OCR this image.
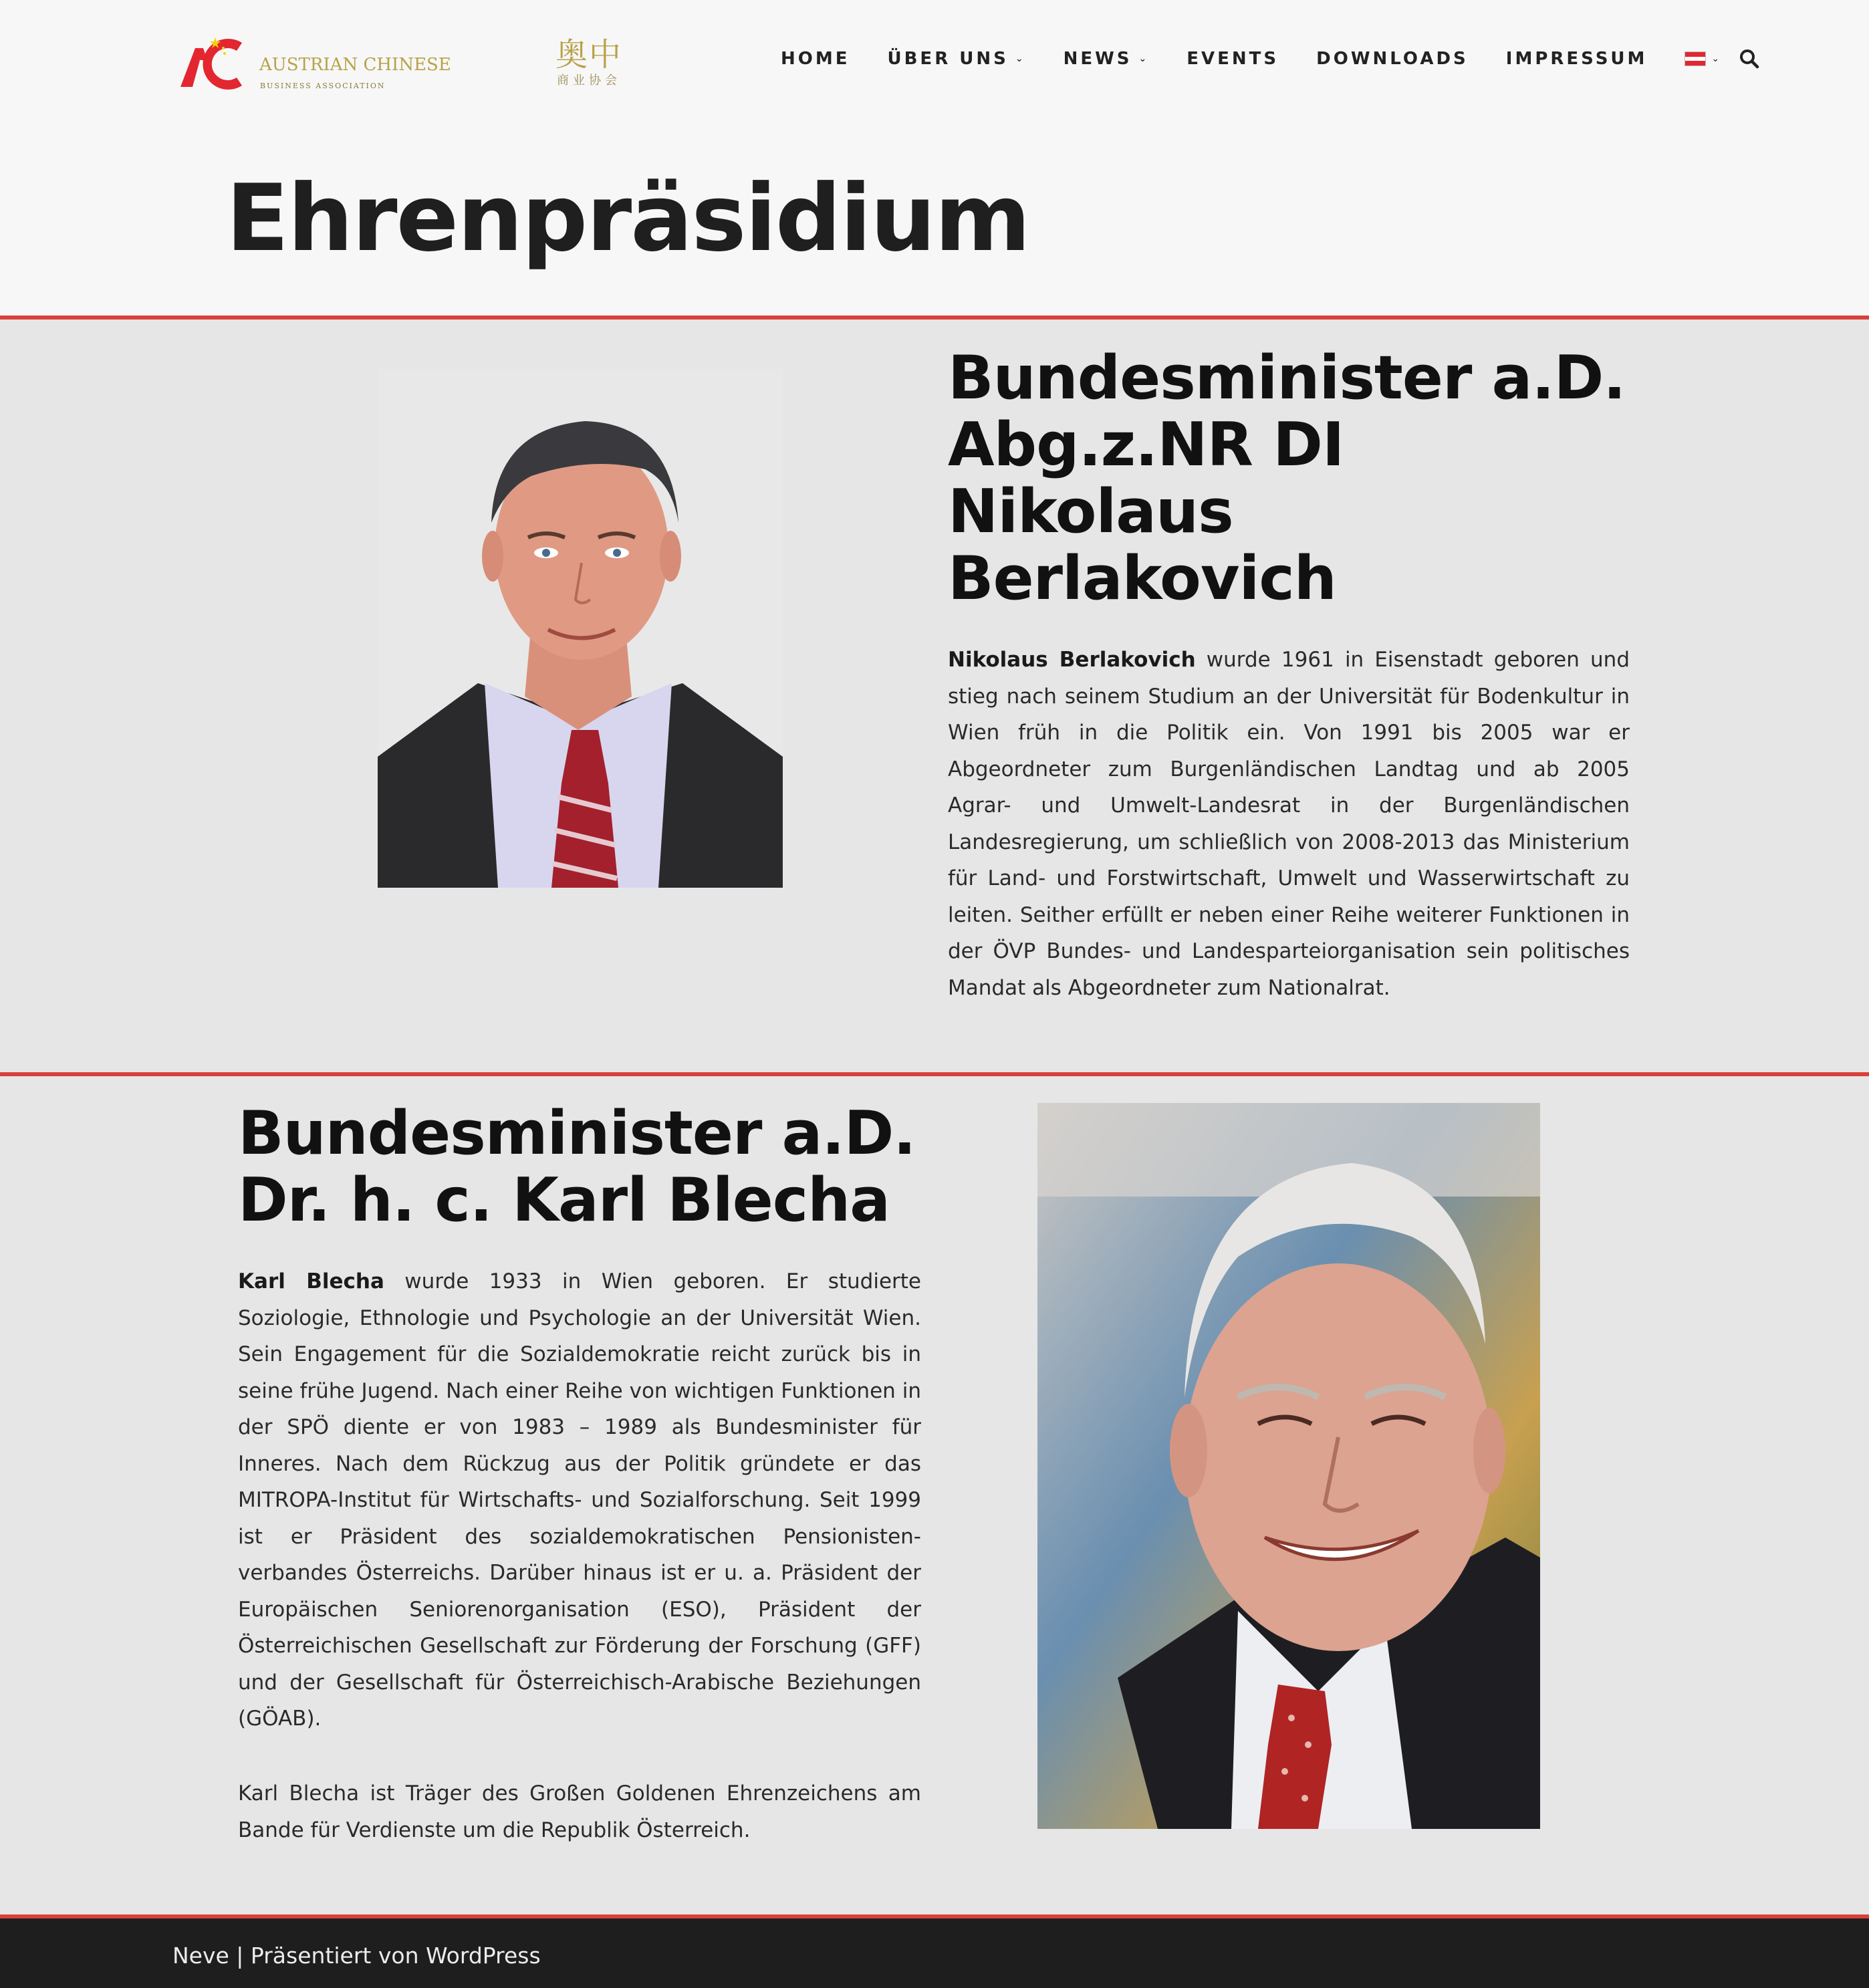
AUSTRIAN CHINESE
BUSINESS ASSOCIATION
奥中
商业协会
HOME ÜBER UNS ⌄ NEWS ⌄ EVENTS DOWNLOADS IMPRESSUM	⌄
Ehrenpräsidium
Bundesminister a.D.
Abg.z.NR DI
Nikolaus
Berlakovich

Nikolaus Berlakovich wurde 1961 in Eisenstadt geboren und stieg nach seinem Studium an der Universität für Bodenkultur in Wien früh in die Politik ein. Von 1991 bis 2005 war er Abgeordneter zum Burgenländischen Landtag und ab 2005 Agrar- und Umwelt-Landesrat in der Burgenländischen Landesregierung, um schließlich von 2008-2013 das Ministerium für Land- und Forstwirtschaft, Umwelt und Wasserwirtschaft zu leiten. Seither erfüllt er neben einer Reihe weiterer Funktionen in der ÖVP Bundes- und Landesparteiorganisation sein politisches Mandat als Abgeordneter zum Nationalrat.

Bundesminister a.D.
Dr. h. c. Karl Blecha

Karl Blecha wurde 1933 in Wien geboren. Er studierte Soziologie, Ethnologie und Psychologie an der Universität Wien. Sein Engagement für die Sozialdemokratie reicht zurück bis in seine frühe Jugend. Nach einer Reihe von wichtigen Funktionen in der SPÖ diente er von 1983 – 1989 als Bundesminister für Inneres. Nach dem Rückzug aus der Politik gründete er das MITROPA-Institut für Wirtschafts- und Sozialforschung. Seit 1999 ist er Präsident des sozialdemokratischen Pensionisten-verbandes Österreichs. Darüber hinaus ist er u. a. Präsident der Europäischen Seniorenorganisation (ESO), Präsident der Österreichischen Gesellschaft zur Förderung der Forschung (GFF) und der Gesellschaft für Österreichisch-Arabische Beziehungen (GÖAB).

Karl Blecha ist Träger des Großen Goldenen Ehrenzeichens am Bande für Verdienste um die Republik Österreich.

Neve | Präsentiert von WordPress
